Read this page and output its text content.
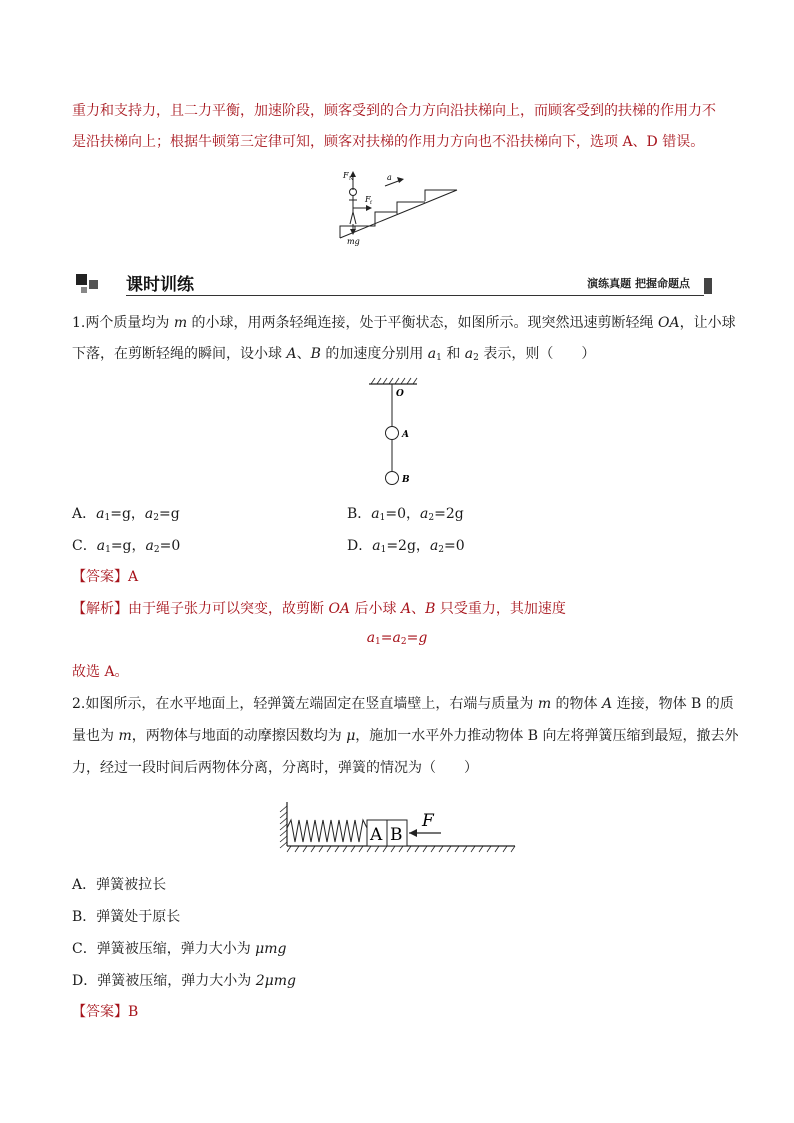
重力和支持力，且二力平衡，加速阶段，顾客受到的合力方向沿扶梯向上，而顾客受到的扶梯的作用力不
是沿扶梯向上；根据牛顿第三定律可知，顾客对扶梯的作用力方向也不沿扶梯向下，选项 A、D 错误。
F N
F f
a
mg
课时训练	演练真题 把握命题点
1.两个质量均为 m 的小球，用两条轻绳连接，处于平衡状态，如图所示。现突然迅速剪断轻绳 OA，让小球
下落，在剪断轻绳的瞬间，设小球 A、B 的加速度分别用 $a_1$ 和 $a_2$ 表示，则（　　）
O
A
B
A．$a_1=g$，$a_2=g$	B．$a_1=0$，$a_2=2g$
C．$a_1=g$，$a_2=0$	D．$a_1=2g$，$a_2=0$
【答案】A
【解析】由于绳子张力可以突变，故剪断 OA 后小球 A、B 只受重力，其加速度
$a_1=a_2=g$
故选 A。
2.如图所示，在水平地面上，轻弹簧左端固定在竖直墙壁上，右端与质量为 m 的物体 A 连接，物体 B 的质
量也为 m，两物体与地面的动摩擦因数均为 μ，施加一水平外力推动物体 B 向左将弹簧压缩到最短，撤去外
力，经过一段时间后两物体分离，分离时，弹簧的情况为（　　）
A B
F
A．弹簧被拉长
B．弹簧处于原长
C．弹簧被压缩，弹力大小为 μmg
D．弹簧被压缩，弹力大小为 2μmg
【答案】B
